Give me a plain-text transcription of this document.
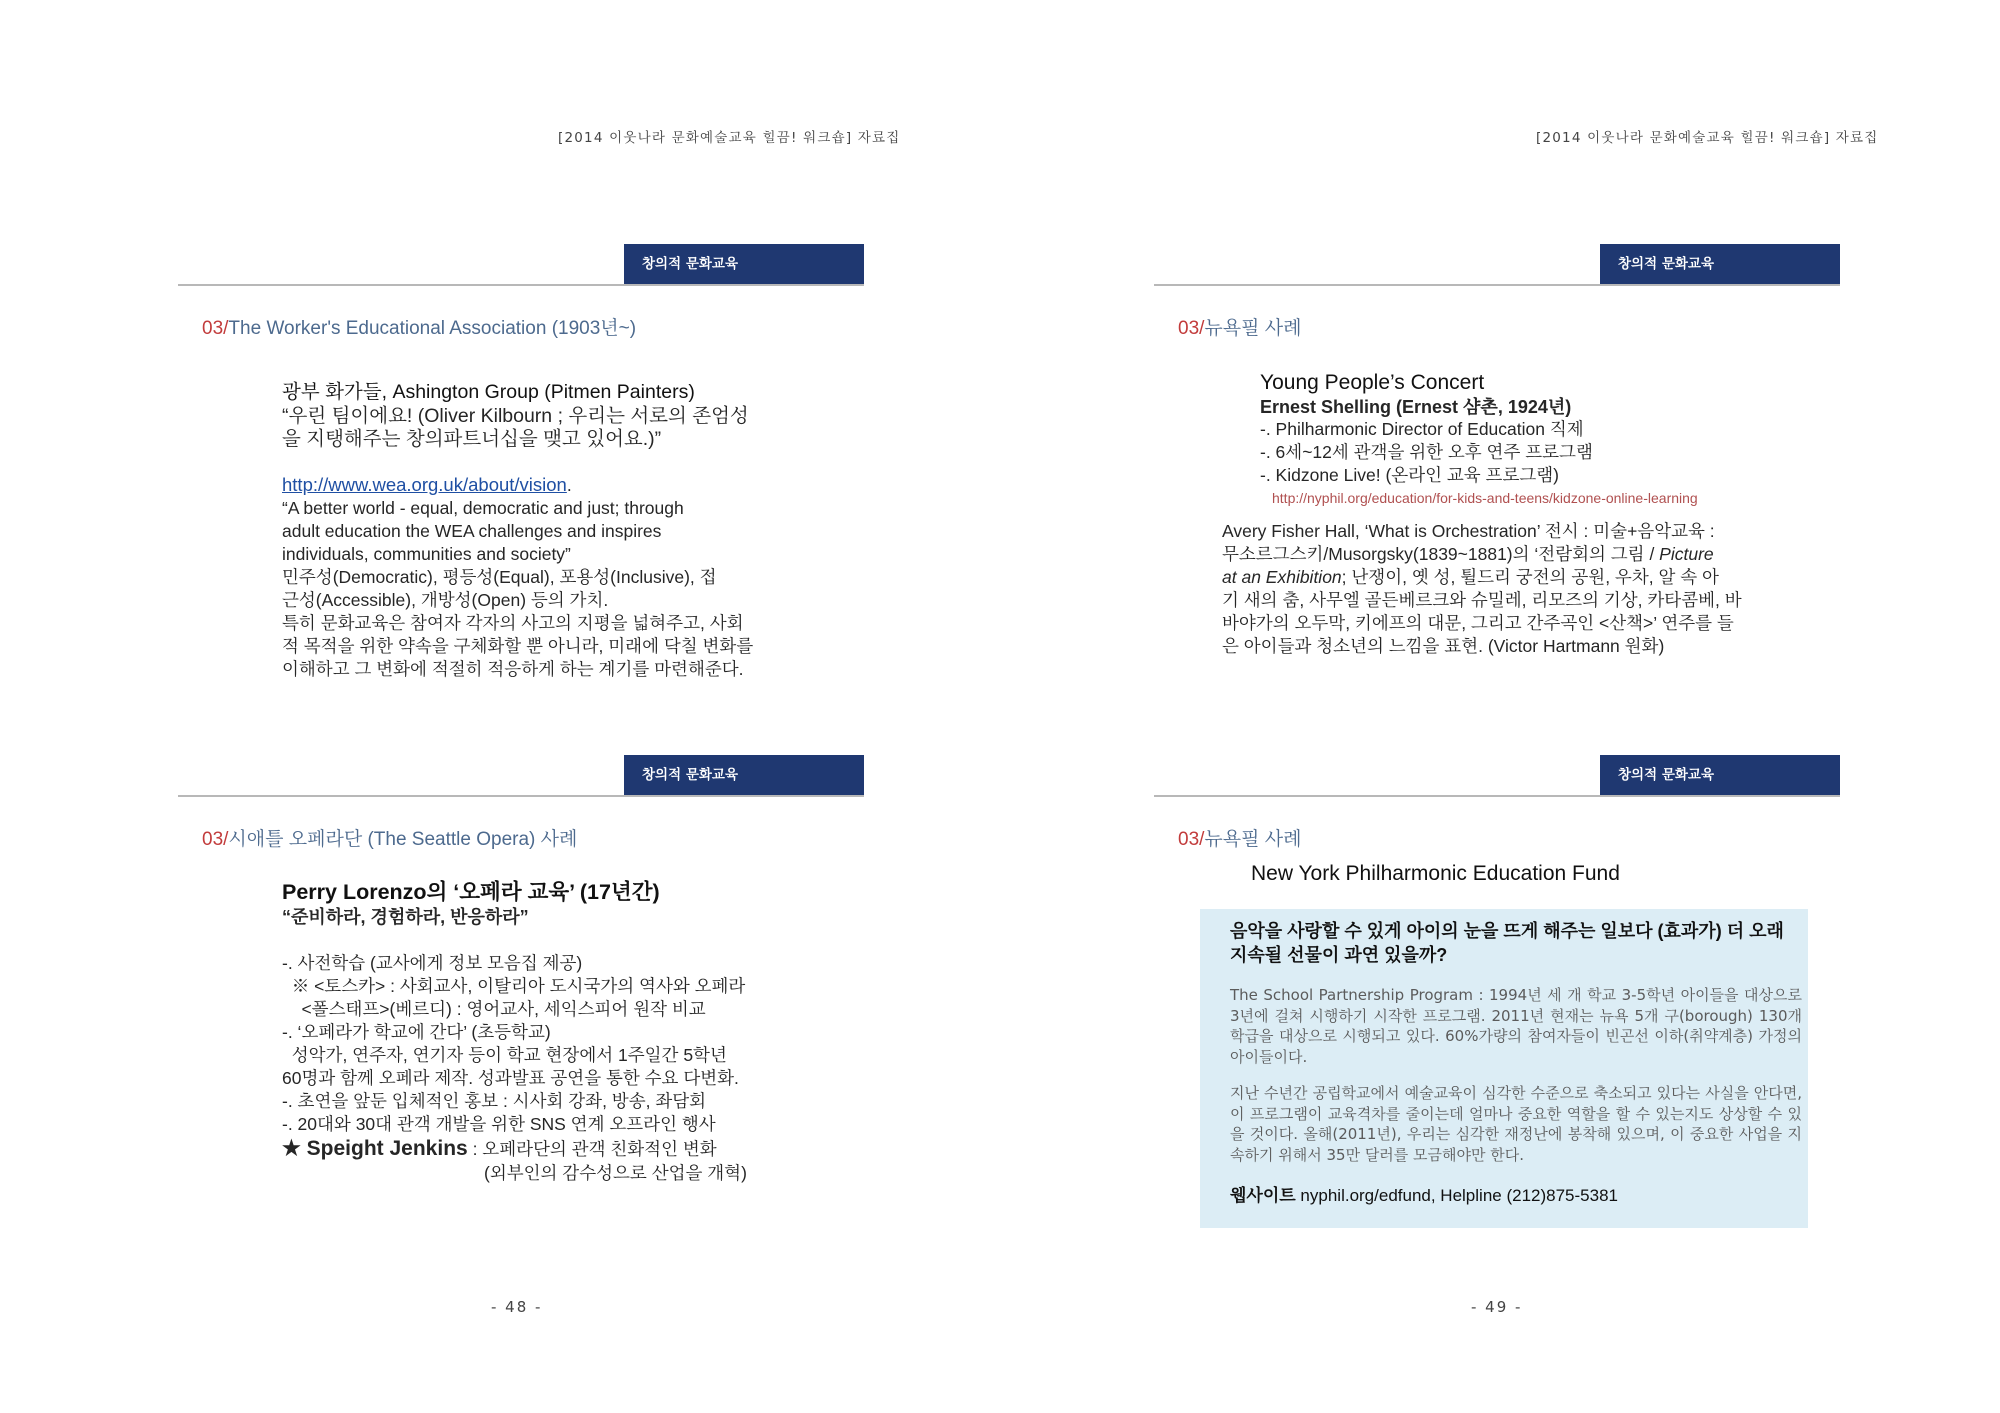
[2014 이웃나라 문화예술교육 힐끔! 워크숍] 자료집	[2014 이웃나라 문화예술교육 힐끔! 워크숍] 자료집
창의적 문화교육
03/The Worker's Educational Association (1903년~)

광부 화가들, Ashington Group (Pitmen Painters)

“우린 팀이에요! (Oliver Kilbourn ; 우리는 서로의 존엄성

을 지탱해주는 창의파트너십을 맺고 있어요.)”

http://www.wea.org.uk/about/vision.

“A better world - equal, democratic and just; through

adult education the WEA challenges and inspires

individuals, communities and society”

민주성(Democratic), 평등성(Equal), 포용성(Inclusive), 접

근성(Accessible), 개방성(Open) 등의 가치.

특히 문화교육은 참여자 각자의 사고의 지평을 넓혀주고, 사회

적 목적을 위한 약속을 구체화할 뿐 아니라, 미래에 닥칠 변화를

이해하고 그 변화에 적절히 적응하게 하는 계기를 마련해준다.

창의적 문화교육
03/시애틀 오페라단 (The Seattle Opera) 사례

Perry Lorenzo의 ‘오페라 교육’ (17년간)

“준비하라, 경험하라, 반응하라”

-. 사전학습 (교사에게 정보 모음집 제공)

※ <토스카> : 사회교사, 이탈리아 도시국가의 역사와 오페라

<폴스태프>(베르디) : 영어교사, 세익스피어 원작 비교

-. ‘오페라가 학교에 간다’ (초등학교)

성악가, 연주자, 연기자 등이 학교 현장에서 1주일간 5학년

60명과 함께 오페라 제작. 성과발표 공연을 통한 수요 다변화.

-. 초연을 앞둔 입체적인 홍보 : 시사회 강좌, 방송, 좌담회

-. 20대와 30대 관객 개발을 위한 SNS 연계 오프라인 행사

★ Speight Jenkins : 오페라단의 관객 친화적인 변화

(외부인의 감수성으로 산업을 개혁)

창의적 문화교육
03/뉴욕필 사례

Young People’s Concert

Ernest Shelling (Ernest 샴촌, 1924년)

-. Philharmonic Director of Education 직제

-. 6세~12세 관객을 위한 오후 연주 프로그램

-. Kidzone Live! (온라인 교육 프로그램)

http://nyphil.org/education/for-kids-and-teens/kidzone-online-learning

Avery Fisher Hall, ‘What is Orchestration’ 전시 : 미술+음악교육 :

무소르그스키/Musorgsky(1839~1881)의 ‘전람회의 그림 / Picture

at an Exhibition; 난쟁이, 옛 성, 튈드리 궁전의 공원, 우차, 알 속 아

기 새의 춤, 사무엘 골든베르크와 슈밀레, 리모즈의 기상, 카타콤베, 바

바야가의 오두막, 키에프의 대문, 그리고 간주곡인 <산책>’ 연주를 들

은 아이들과 청소년의 느낌을 표현. (Victor Hartmann 원화)

창의적 문화교육
03/뉴욕필 사례
New York Philharmonic Education Fund

음악을 사랑할 수 있게 아이의 눈을 뜨게 해주는 일보다 (효과가) 더 오래 지속될 선물이 과연 있을까?

The School Partnership Program : 1994년 세 개 학교 3-5학년 아이들을 대상으로 3년에 걸쳐 시행하기 시작한 프로그램. 2011년 현재는 뉴욕 5개 구(borough) 130개 학급을 대상으로 시행되고 있다. 60%가량의 참여자들이 빈곤선 이하(취약계층) 가정의 아이들이다.

지난 수년간 공립학교에서 예술교육이 심각한 수준으로 축소되고 있다는 사실을 안다면, 이 프로그램이 교육격차를 줄이는데 얼마나 중요한 역할을 할 수 있는지도 상상할 수 있을 것이다. 올해(2011년), 우리는 심각한 재정난에 봉착해 있으며, 이 중요한 사업을 지속하기 위해서 35만 달러를 모금해야만 한다.

웹사이트 nyphil.org/edfund, Helpline (212)875-5381

- 48 -	- 49 -
